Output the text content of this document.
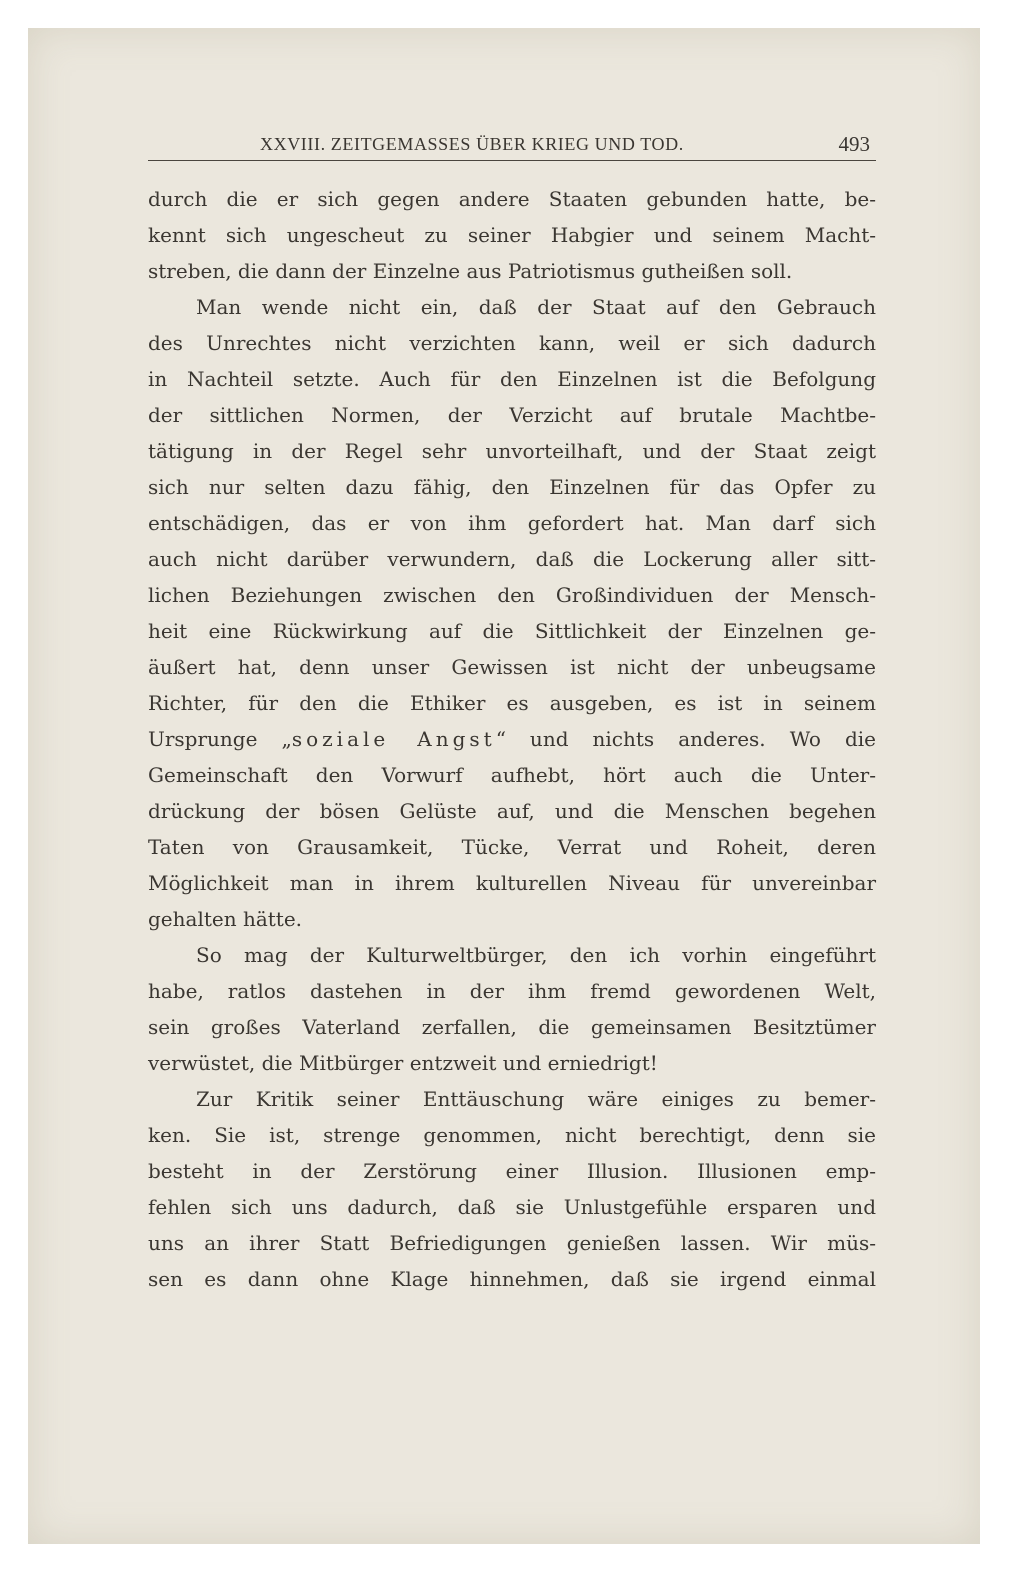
XXVIII. ZEITGEMASSES ÜBER KRIEG UND TOD.	493
durch die er sich gegen andere Staaten gebunden hatte, be-
kennt sich ungescheut zu seiner Habgier und seinem Macht-
streben, die dann der Einzelne aus Patriotismus gutheißen soll.
Man wende nicht ein, daß der Staat auf den Gebrauch
des Unrechtes nicht verzichten kann, weil er sich dadurch
in Nachteil setzte. Auch für den Einzelnen ist die Befolgung
der sittlichen Normen, der Verzicht auf brutale Machtbe-
tätigung in der Regel sehr unvorteilhaft, und der Staat zeigt
sich nur selten dazu fähig, den Einzelnen für das Opfer zu
entschädigen, das er von ihm gefordert hat. Man darf sich
auch nicht darüber verwundern, daß die Lockerung aller sitt-
lichen Beziehungen zwischen den Großindividuen der Mensch-
heit eine Rückwirkung auf die Sittlichkeit der Einzelnen ge-
äußert hat, denn unser Gewissen ist nicht der unbeugsame
Richter, für den die Ethiker es ausgeben, es ist in seinem
Ursprunge „soziale Angst“ und nichts anderes. Wo die
Gemeinschaft den Vorwurf aufhebt, hört auch die Unter-
drückung der bösen Gelüste auf, und die Menschen begehen
Taten von Grausamkeit, Tücke, Verrat und Roheit, deren
Möglichkeit man in ihrem kulturellen Niveau für unvereinbar
gehalten hätte.
So mag der Kulturweltbürger, den ich vorhin eingeführt
habe, ratlos dastehen in der ihm fremd gewordenen Welt,
sein großes Vaterland zerfallen, die gemeinsamen Besitztümer
verwüstet, die Mitbürger entzweit und erniedrigt!
Zur Kritik seiner Enttäuschung wäre einiges zu bemer-
ken. Sie ist, strenge genommen, nicht berechtigt, denn sie
besteht in der Zerstörung einer Illusion. Illusionen emp-
fehlen sich uns dadurch, daß sie Unlustgefühle ersparen und
uns an ihrer Statt Befriedigungen genießen lassen. Wir müs-
sen es dann ohne Klage hinnehmen, daß sie irgend einmal
